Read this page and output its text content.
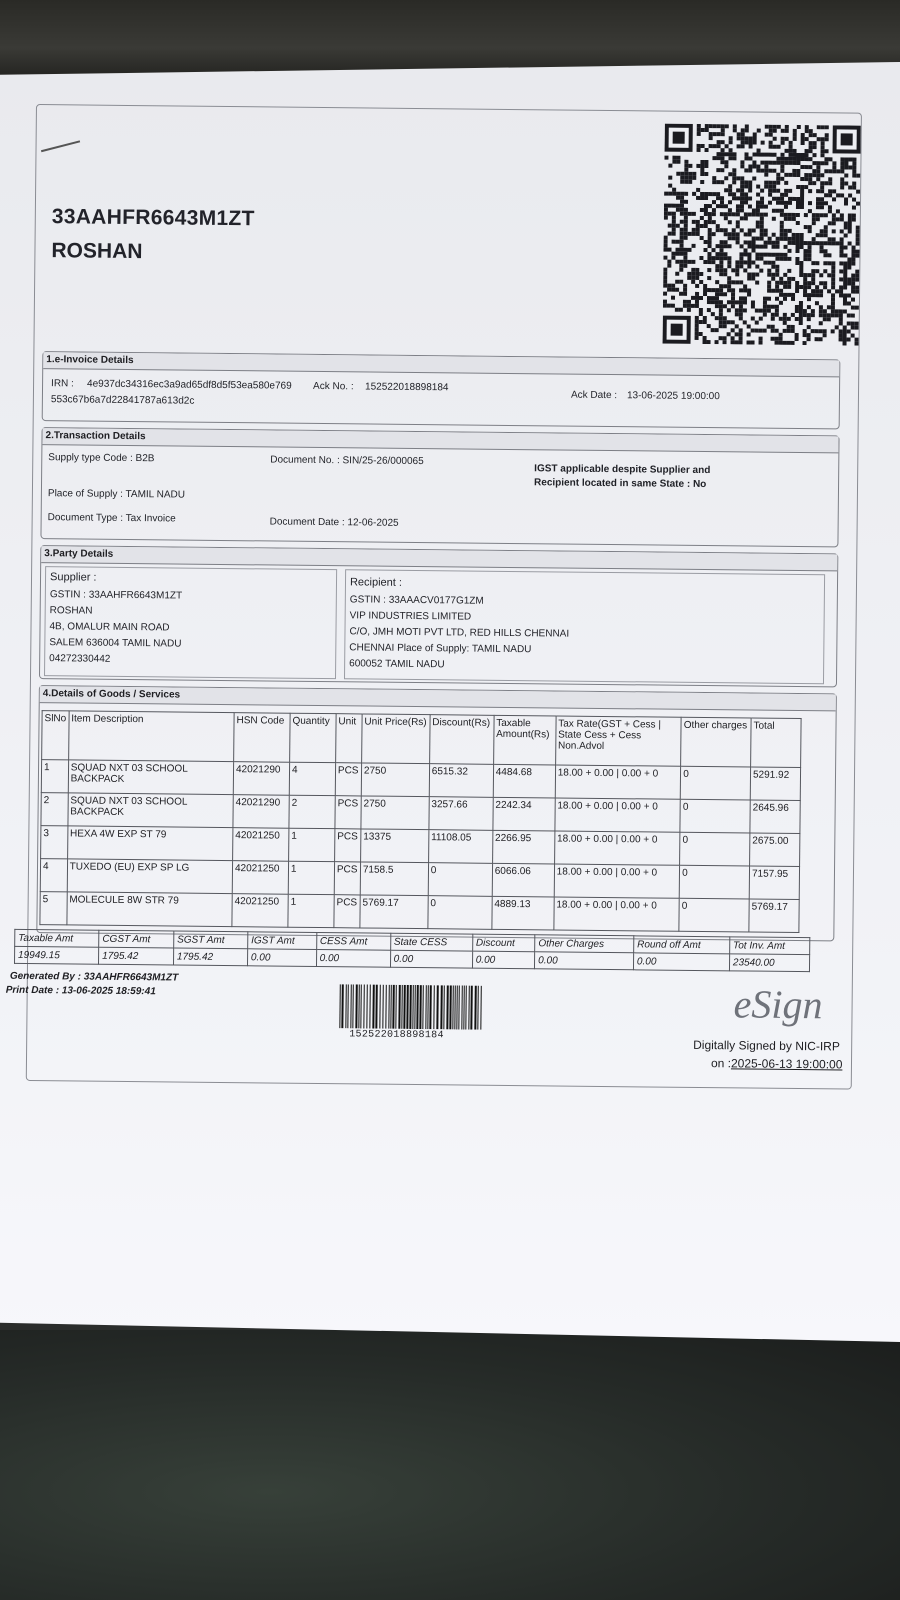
33AAHFR6643M1ZT
ROSHAN
1.e-Invoice Details
IRN : 4e937dc34316ec3a9ad65df8d5f53ea580e769
553c67b6a7d22841787a613d2c
Ack No. : 152522018898184
Ack Date : 13-06-2025 19:00:00
2.Transaction Details
Supply type Code : B2B	Document No. : SIN/25-26/000065
IGST applicable despite Supplier and
Recipient located in same State : No
Place of Supply : TAMIL NADU
Document Type : Tax Invoice	Document Date : 12-06-2025
3.Party Details
Supplier :
GSTIN : 33AAHFR6643M1ZT
ROSHAN
4B, OMALUR MAIN ROAD
SALEM 636004 TAMIL NADU
04272330442
Recipient :
GSTIN : 33AAACV0177G1ZM
VIP INDUSTRIES LIMITED
C/O, JMH MOTI PVT LTD, RED HILLS CHENNAI
CHENNAI Place of Supply: TAMIL NADU
600052 TAMIL NADU
4.Details of Goods / Services
SlNo	Item Description	HSN Code	Quantity	Unit	Unit Price(Rs)	Discount(Rs)	Taxable Amount(Rs)	Tax Rate(GST + Cess | State Cess + Cess Non.Advol	Other charges	Total
1	SQUAD NXT 03 SCHOOL BACKPACK	42021290	4	PCS	2750	6515.32	4484.68	18.00 + 0.00 | 0.00 + 0	0	5291.92
2	SQUAD NXT 03 SCHOOL BACKPACK	42021290	2	PCS	2750	3257.66	2242.34	18.00 + 0.00 | 0.00 + 0	0	2645.96
3	HEXA 4W EXP ST 79	42021250	1	PCS	13375	11108.05	2266.95	18.00 + 0.00 | 0.00 + 0	0	2675.00
4	TUXEDO (EU) EXP SP LG	42021250	1	PCS	7158.5	0	6066.06	18.00 + 0.00 | 0.00 + 0	0	7157.95
5	MOLECULE 8W STR 79	42021250	1	PCS	5769.17	0	4889.13	18.00 + 0.00 | 0.00 + 0	0	5769.17
Taxable Amt	CGST Amt	SGST Amt	IGST Amt	CESS Amt	State CESS	Discount	Other Charges	Round off Amt	Tot Inv. Amt
19949.15	1795.42	1795.42	0.00	0.00	0.00	0.00	0.00	0.00	23540.00
Generated By : 33AAHFR6643M1ZT
Print Date : 13-06-2025 18:59:41
152522018898184
eSign
Digitally Signed by NIC-IRP
on :2025-06-13 19:00:00
